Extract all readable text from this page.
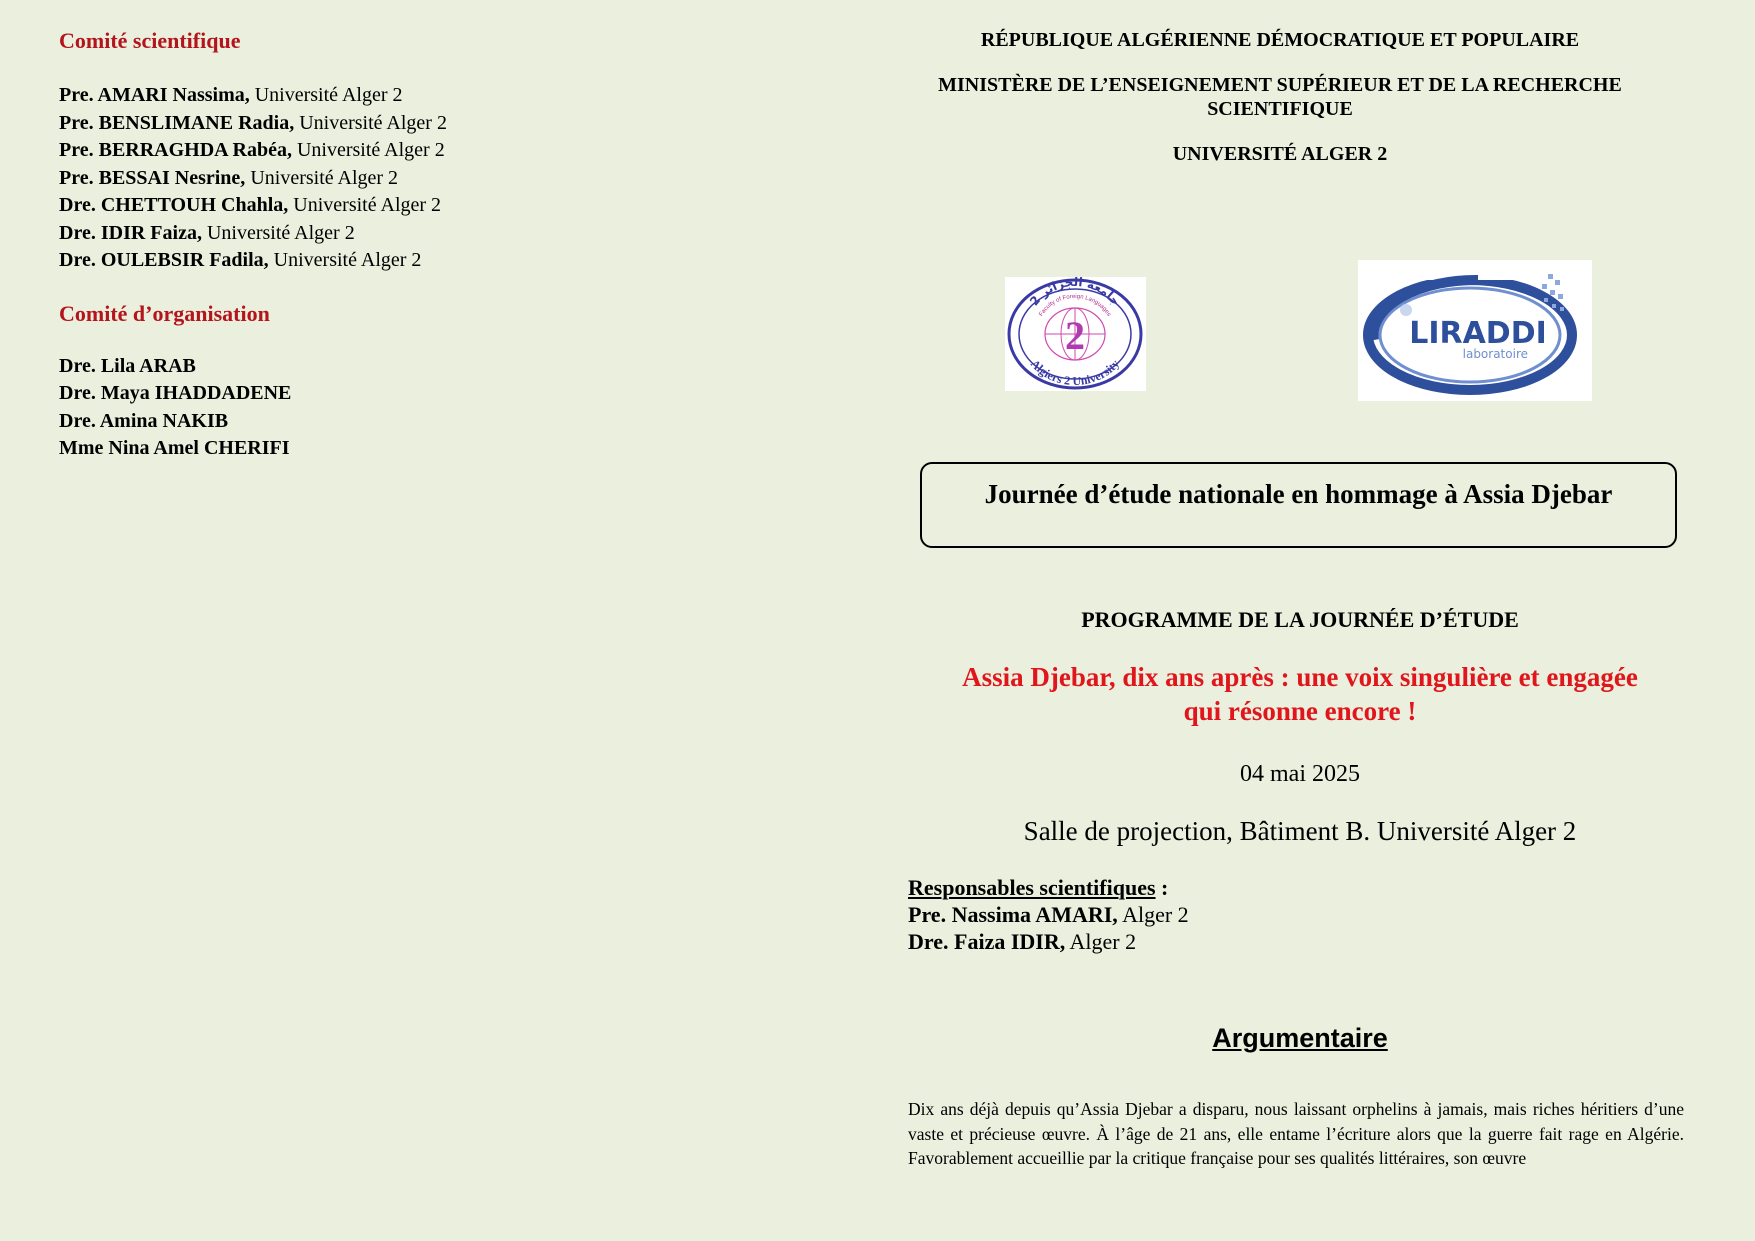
Comité scientifique
Pre. AMARI Nassima, Université Alger 2
Pre. BENSLIMANE Radia, Université Alger 2
Pre. BERRAGHDA Rabéa, Université Alger 2
Pre. BESSAI Nesrine, Université Alger 2
Dre. CHETTOUH Chahla, Université Alger 2
Dre. IDIR Faiza, Université Alger 2
Dre. OULEBSIR Fadila, Université Alger 2
Comité d’organisation
Dre. Lila ARAB
Dre. Maya IHADDADENE
Dre. Amina NAKIB
Mme Nina Amel CHERIFI
RÉPUBLIQUE ALGÉRIENNE DÉMOCRATIQUE ET POPULAIRE
MINISTÈRE DE L’ENSEIGNEMENT SUPÉRIEUR ET DE LA RECHERCHE SCIENTIFIQUE
UNIVERSITÉ ALGER 2
جامعة الجزائر 2
Faculty of Foreign Languages
Algiers 2 University
2	LIRADDI
laboratoire
Journée d’étude nationale en hommage à Assia Djebar
PROGRAMME DE LA JOURNÉE D’ÉTUDE
Assia Djebar, dix ans après : une voix singulière et engagée
qui résonne encore !
04 mai 2025
Salle de projection, Bâtiment B. Université Alger 2
Responsables scientifiques :
Pre. Nassima AMARI, Alger 2
Dre. Faiza IDIR, Alger 2
Argumentaire
Dix ans déjà depuis qu’Assia Djebar a disparu, nous laissant orphelins à jamais, mais riches héritiers d’une vaste et précieuse œuvre. À l’âge de 21 ans, elle entame l’écriture alors que la guerre fait rage en Algérie. Favorablement accueillie par la critique française pour ses qualités littéraires, son œuvre
